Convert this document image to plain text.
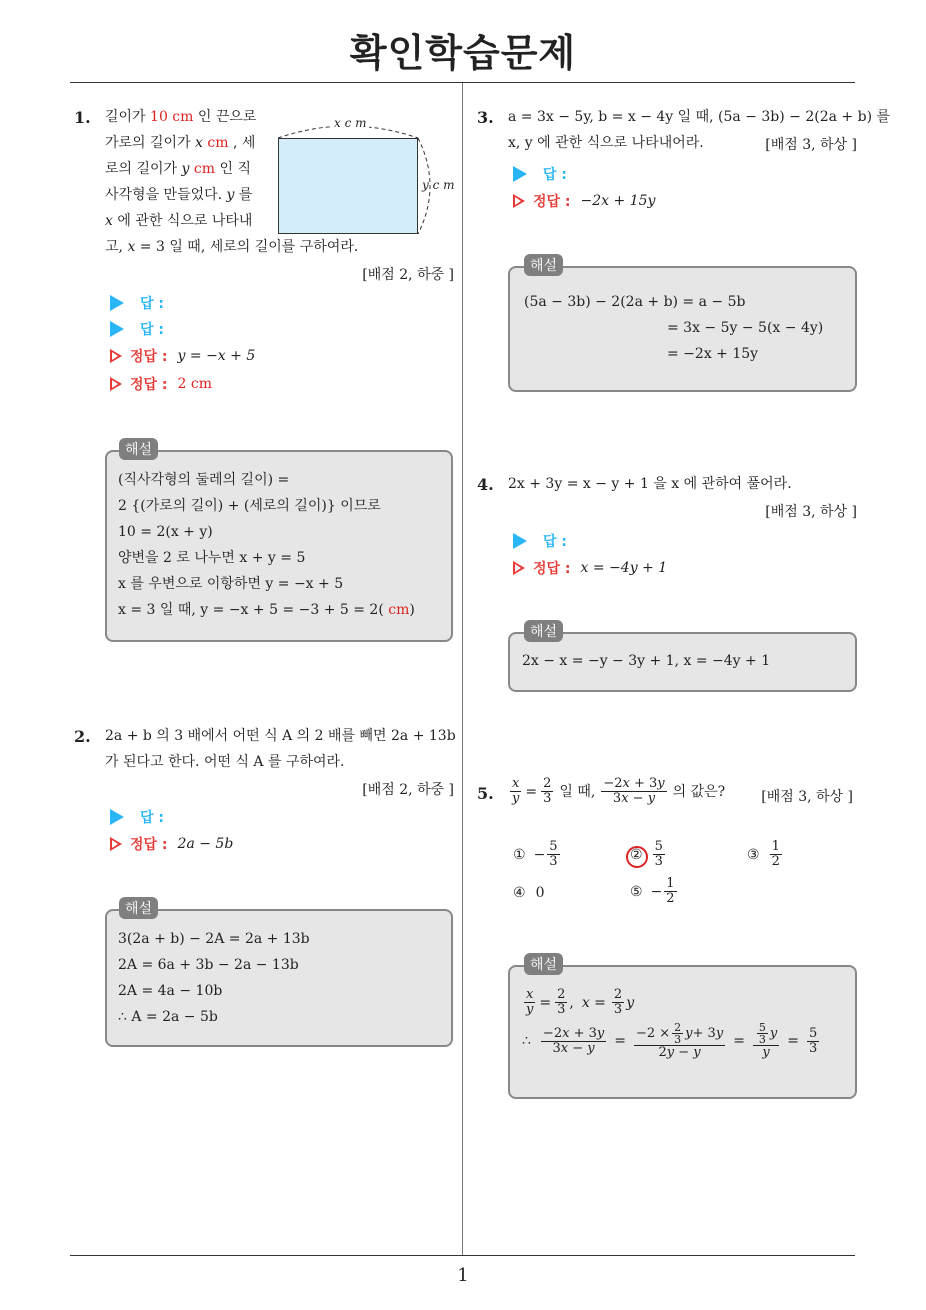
확인학습문제
1. 길이가 10 cm 인 끈으로
가로의 길이가 x cm , 세
로의 길이가 y cm 인 직
사각형을 만들었다. y 를
x 에 관한 식으로 나타내
고, x = 3 일 때, 세로의 길이를 구하여라.
x c m
y c m
[배점 2, 하중 ]
답 :
답 :
정답 : y = −x + 5
정답 : 2 cm
해설
(직사각형의 둘레의 길이) =
2 {(가로의 길이) + (세로의 길이)} 이므로
10 = 2(x + y)
양변을 2 로 나누면 x + y = 5
x 를 우변으로 이항하면 y = −x + 5
x = 3 일 때, y = −x + 5 = −3 + 5 = 2( cm)
2. 2a + b 의 3 배에서 어떤 식 A 의 2 배를 빼면 2a + 13b
가 된다고 한다. 어떤 식 A 를 구하여라.
[배점 2, 하중 ]
답 :
정답 : 2a − 5b
해설
3(2a + b) − 2A = 2a + 13b
2A = 6a + 3b − 2a − 13b
2A = 4a − 10b
∴ A = 2a − 5b
3. a = 3x − 5y, b = x − 4y 일 때, (5a − 3b) − 2(2a + b) 를
x, y 에 관한 식으로 나타내어라.	[배점 3, 하상 ]
답 :
정답 : −2x + 15y
해설
(5a − 3b) − 2(2a + b) = a − 5b
= 3x − 5y − 5(x − 4y)
= −2x + 15y
4. 2x + 3y = x − y + 1 을 x 에 관하여 풀어라.
[배점 3, 하상 ]
답 :
정답 : x = −4y + 1
해설
2x − x = −y − 3y + 1, x = −4y + 1
5. $\frac{x}{y} = \frac{2}{3}$ 일 때, $\frac{-2x + 3y}{3x - y}$ 의 값은?	[배점 3, 하상 ]
① − $\frac{5}{3}$	② $\frac{5}{3}$	③ $\frac{1}{2}$
④ 0	⑤ − $\frac{1}{2}$
해설
$\frac{x}{y} = \frac{2}{3}$ , $x = \frac{2}{3}$ y
∴ $\frac{-2x + 3y}{3x - y} = \frac{-2 \times \frac{2}{3} y + 3 y}{2y - y} = \frac{\frac{5}{3} y}{y} = \frac{5}{3}$
1
